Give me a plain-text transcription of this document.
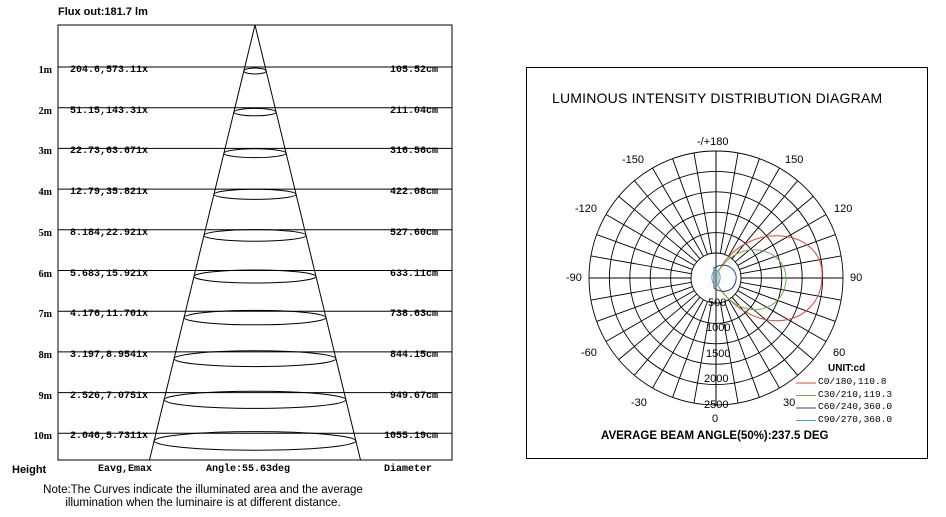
Flux out:181.7 lm
1m 204.6,573.11x	105.52cm
2m 51.15,143.31x	211.04cm
3m 22.73,63.671x	316.56cm
4m 12.79,35.821x	422.08cm
5m 8.184,22.921x	527.60cm
6m 5.683,15.921x	633.11cm
7m 4.176,11.701x	738.63cm
8m 3.197,8.9541x	844.15cm
9m 2.526,7.0751x	949.67cm
10m 2.046,5.7311x	1055.19cm
Height	Eavg,Emax	Angle:55.63deg	Diameter
Note:The Curves indicate the illuminated area and the average illumination when the luminaire is at different distance.
LUMINOUS INTENSITY DISTRIBUTION DIAGRAM
-/+180
-150	150
-120	120
-90	90
-60	60
-30	30
0
500
1000
1500
2000
2500
UNIT:cd
C0/180,110.8
C30/210,119.3
C60/240,360.0
C90/270,360.0
AVERAGE BEAM ANGLE(50%):237.5 DEG
